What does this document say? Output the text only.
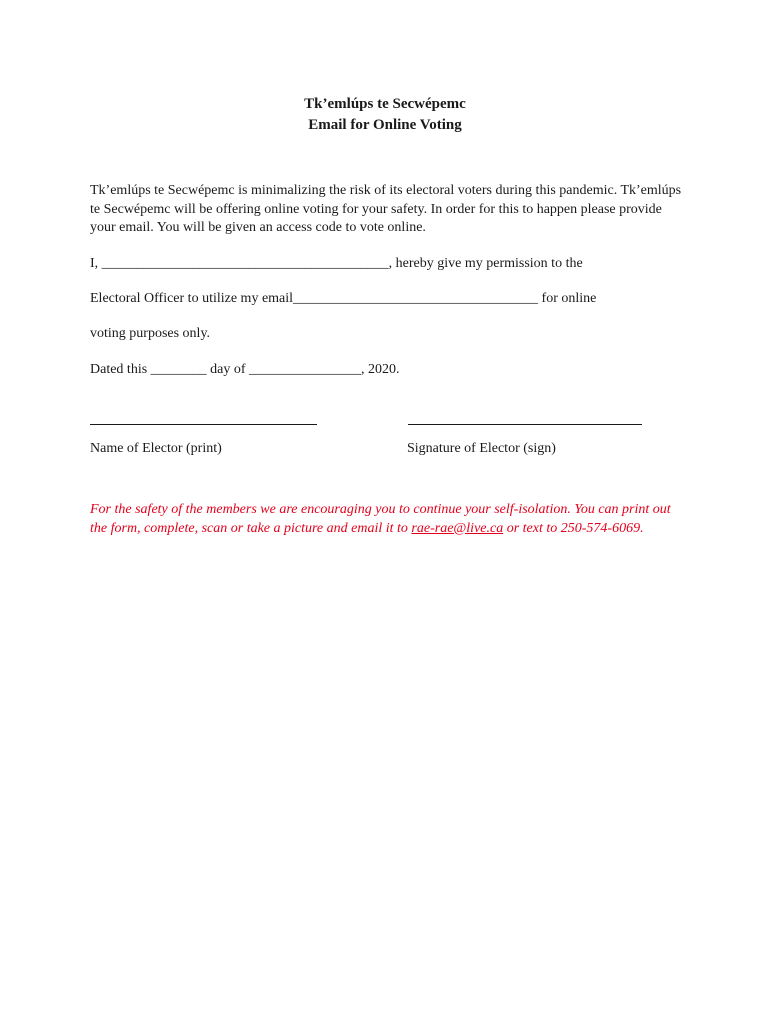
Tk’emlúps te Secwépemc
Email for Online Voting
Tk’emlúps te Secwépemc is minimalizing the risk of its electoral voters during this pandemic. Tk’emlúps te Secwépemc will be offering online voting for your safety. In order for this to happen please provide your email. You will be given an access code to vote online.
I, _________________________________________, hereby give my permission to the
Electoral Officer to utilize my email___________________________________ for online
voting purposes only.
Dated this ________ day of ________________, 2020.
Name of Elector (print)	Signature of Elector (sign)
For the safety of the members we are encouraging you to continue your self-isolation. You can print out the form, complete, scan or take a picture and email it to rae-rae@live.ca or text to 250-574-6069.
